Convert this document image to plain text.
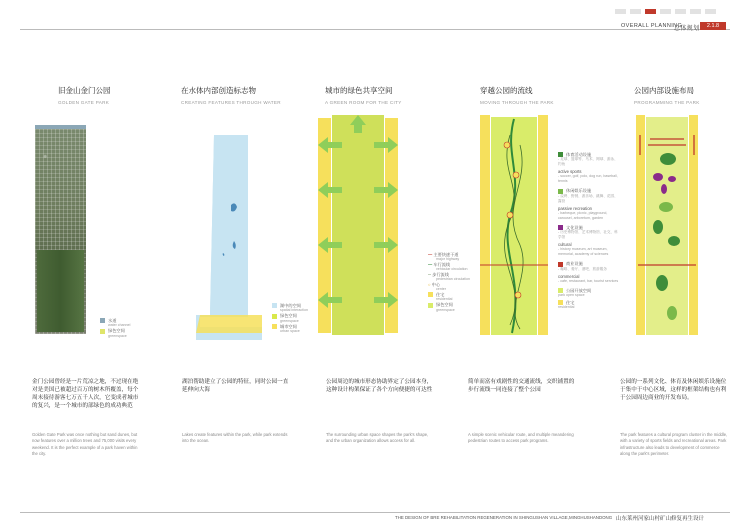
OVERALL PLANNING
总体规划	2.1.8
旧金山金门公园
GOLDEN GATE PARK
在水体内部创造标志物
CREATING FEATURES THROUGH WATER
城市的绿色共享空间
A GREEN ROOM FOR THE CITY
穿越公园的流线
MOVING THROUGH THE PARK
公园内部设施布局
PROGRAMMING THE PARK
水道
water channel
绿色空间
greenspace
湖中的空间
spatial interaction
绿色空间
greenspace
城市空间
urban space
━ 主要快速干道
major highway
━ 车行流线
vehicular circulation
─ 步行流线
pedestrian circulation
○ 中心
center
住宅
residential
绿色空间
greenspace
体育活动设施
- 足球、篮球等、马术、网球、游泳、钓鱼
active sports
- soccer, golf, polo, dog run, baseball, tennis
休闲娱乐设施
- 烧烤、野餐、游乐场、跳舞、花园、露营
passive recreation
- barbeque, picnic, playground, carousel, arboretum, garden
文化设施
- 历史博物馆、艺术博物馆、社交、科学馆
cultural
- history museum, art museum, memorial, academy of sciences
商业设施
- 咖啡、餐厅、酒吧、旅游服务
commercial
- cafe, restaurant, bar, tourist services
公园开放空间
park open space
住宅
residential
金门公园曾经是一片荒凉之地，不过现在绝对是美国已被超过百万的树木所覆盖，每个周末接待游客七万五千人次，它变成者城市的复兴，是一个城市的部绿色的成功典范
Golden Gate Park was once nothing but sand dunes, but now features over a million trees and 75,000 visits every weekend. It is the perfect example of a park haven within the city.
湖泊帮助建立了公园的特征，同时公园一直延伸向大海
Lakes create features within the park, while park extends into the ocean.
公园周边的城市形态协助界定了公园本身，这种设计构架保证了各个方向便捷的可达性
The surrounding urban space shapes the park's shape, and the urban organization allows access for all.
简单而富有戏剧性的交通流线，交织铺置的步行流线一同连接了整个公园
A simple scenic vehicular route, and multiple meandering pedestrian routes to access park programs.
公园的一系列文化、体育及休闲娱乐设施位于集中于中心区域，这样的框架结构也有利于公园周边商业的开发布局。
The park features a cultural program cluster in the middle, with a variety of sports fields and recreational areas. Park infrastructure also leads to development of commerce along the park's perimeter.
THE DESIGN OF BRE REHABILITATION REGENERATION IN SHINGUSHAN VILLAGE,MINGHUSHANDONG 山东莱州河家山村矿山修复再生设计
